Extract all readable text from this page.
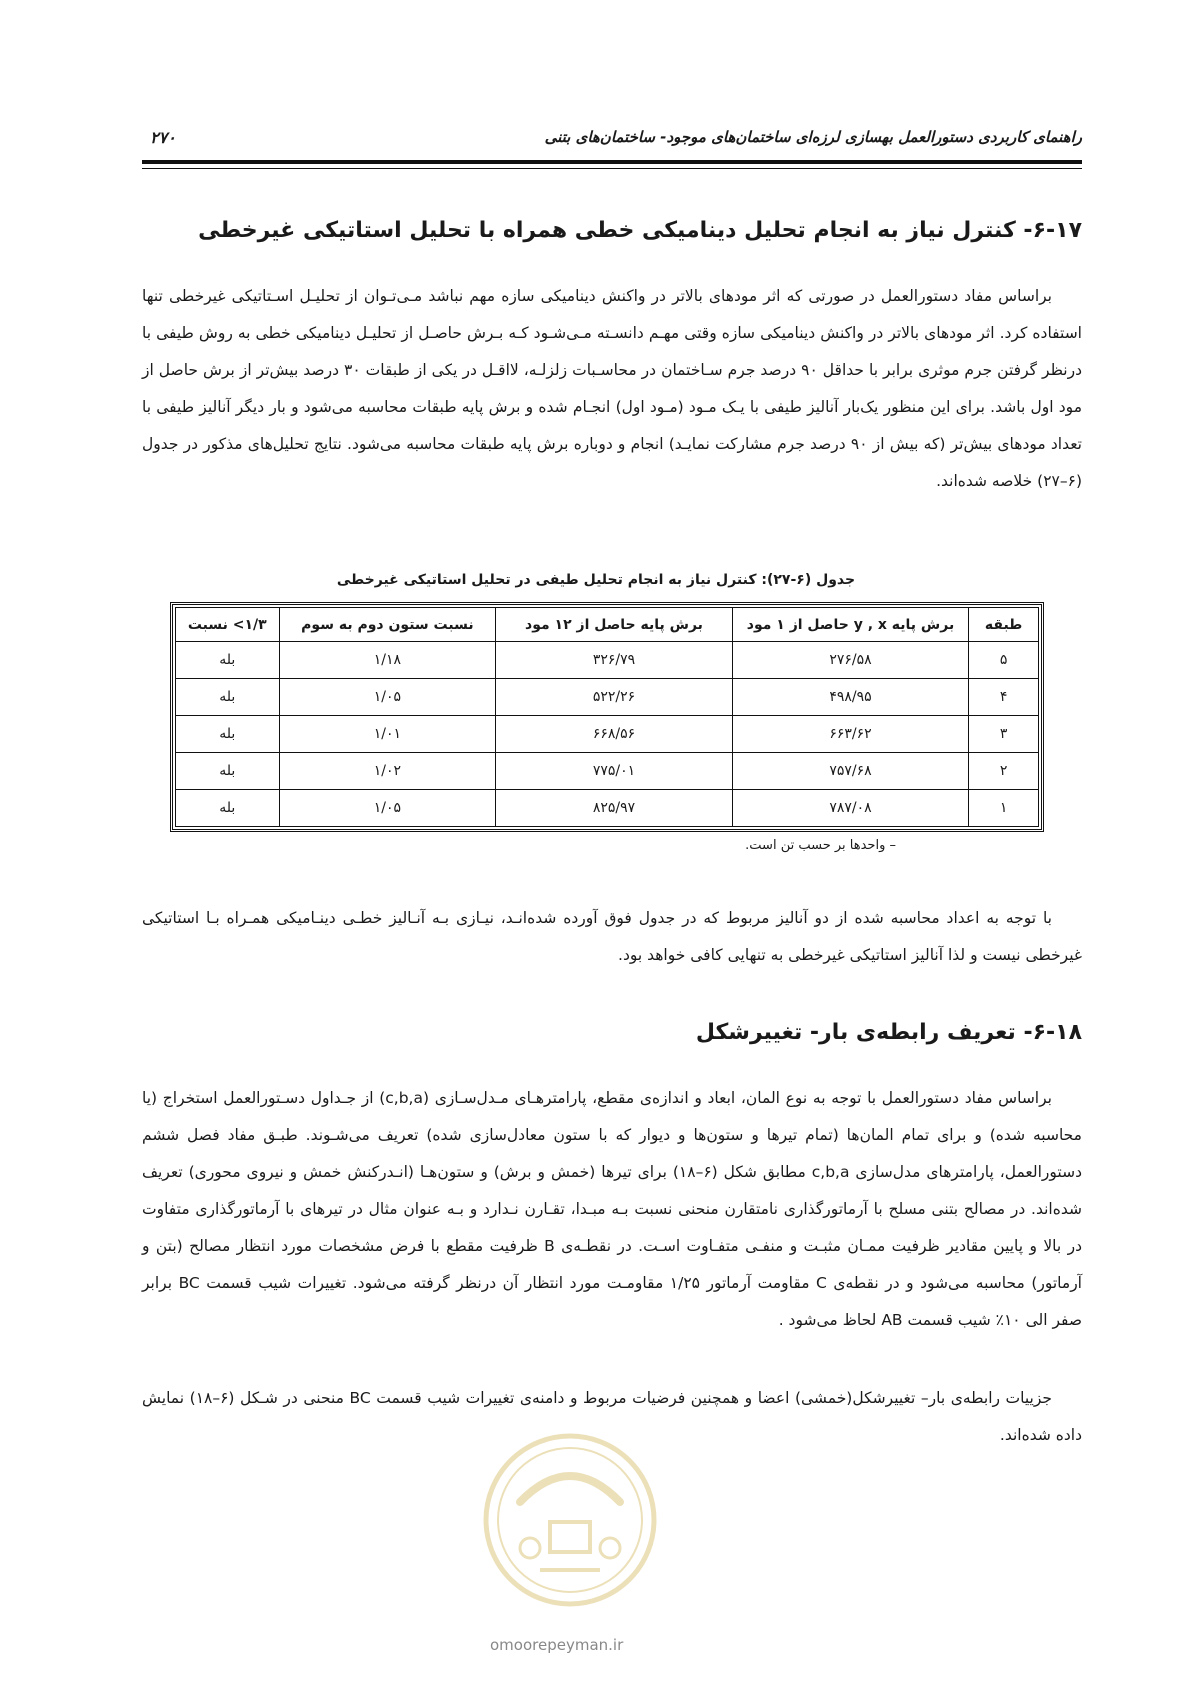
راهنمای کاربردی دستورالعمل بهسازی لرزه‌ای ساختمان‌های موجود- ساختمان‌های بتنی
۲۷۰
۶-۱۷- کنترل نیاز به انجام تحلیل دینامیکی خطی همراه با تحلیل استاتیکی غیرخطی

براساس مفاد دستورالعمل در صورتی که اثر مودهای بالاتر در واکنش دینامیکی سازه مهم نباشد مـی‌تـوان از تحلیـل اسـتاتیکی غیرخطی تنها استفاده کرد. اثر مودهای بالاتر در واکنش دینامیکی سازه وقتی مهـم دانسـته مـی‌شـود کـه بـرش حاصـل از تحلیـل دینامیکی خطی به روش طیفی با درنظر گرفتن جرم موثری برابر با حداقل ۹۰ درصد جرم سـاختمان در محاسـبات زلزلـه، لااقـل در یکی از طبقات ۳۰ درصد بیش‌تر از برش حاصل از مود اول باشد. برای این منظور یک‌بار آنالیز طیفی با یـک مـود (مـود اول) انجـام شده و برش پایه طبقات محاسبه می‌شود و بار دیگر آنالیز طیفی با تعداد مودهای بیش‌تر (که بیش از ۹۰ درصد جرم مشارکت نمایـد) انجام و دوباره برش پایه طبقات محاسبه می‌شود. نتایج تحلیل‌های مذکور در جدول (۶–۲۷) خلاصه شده‌اند.

جدول (۶-۲۷): کنترل نیاز به انجام تحلیل طیفی در تحلیل استاتیکی غیرخطی
طبقه	برش پایه y , x حاصل از ۱ مود	برش پایه حاصل از ۱۲ مود	نسبت ستون دوم به سوم	۱/۳> نسبت
۵	۲۷۶/۵۸	۳۲۶/۷۹	۱/۱۸	بله
۴	۴۹۸/۹۵	۵۲۲/۲۶	۱/۰۵	بله
۳	۶۶۳/۶۲	۶۶۸/۵۶	۱/۰۱	بله
۲	۷۵۷/۶۸	۷۷۵/۰۱	۱/۰۲	بله
۱	۷۸۷/۰۸	۸۲۵/۹۷	۱/۰۵	بله
– واحدها بر حسب تن است.

با توجه به اعداد محاسبه شده از دو آنالیز مربوط که در جدول فوق آورده شده‌انـد، نیـازی بـه آنـالیز خطـی دینـامیکی همـراه بـا استاتیکی غیرخطی نیست و لذا آنالیز استاتیکی غیرخطی به تنهایی کافی خواهد بود.

۶-۱۸- تعریف رابطه‌ی بار- تغییرشکل

براساس مفاد دستورالعمل با توجه به نوع المان، ابعاد و اندازه‌ی مقطع، پارامترهـای مـدل‌سـازی (c,b,a) از جـداول دسـتورالعمل استخراج (یا محاسبه شده) و برای تمام المان‌ها (تمام تیرها و ستون‌ها و دیوار که با ستون معادل‌سازی شده) تعریف می‌شـوند. طبـق مفاد فصل ششم دستورالعمل، پارامترهای مدل‌سازی c,b,a مطابق شکل (۶–۱۸) برای تیرها (خمش و برش) و ستون‌هـا (انـدرکنش خمش و نیروی محوری) تعریف شده‌اند. در مصالح بتنی مسلح با آرماتورگذاری نامتقارن منحنی نسبت بـه مبـدا، تقـارن نـدارد و بـه عنوان مثال در تیرهای با آرماتورگذاری متفاوت در بالا و پایین مقادیر ظرفیت ممـان مثبـت و منفـی متفـاوت اسـت. در نقطـه‌ی B ظرفیت مقطع با فرض مشخصات مورد انتظار مصالح (بتن و آرماتور) محاسبه می‌شود و در نقطه‌ی C مقاومت آرماتور ۱/۲۵ مقاومـت مورد انتظار آن درنظر گرفته می‌شود. تغییرات شیب قسمت BC برابر صفر الی ۱۰٪ شیب قسمت AB لحاظ می‌شود .

جزییات رابطه‌ی بار– تغییرشکل(خمشی) اعضا و همچنین فرضیات مربوط و دامنه‌ی تغییرات شیب قسمت BC منحنی در شـکل (۶–۱۸) نمایش داده شده‌اند.

omoorepeyman.ir
